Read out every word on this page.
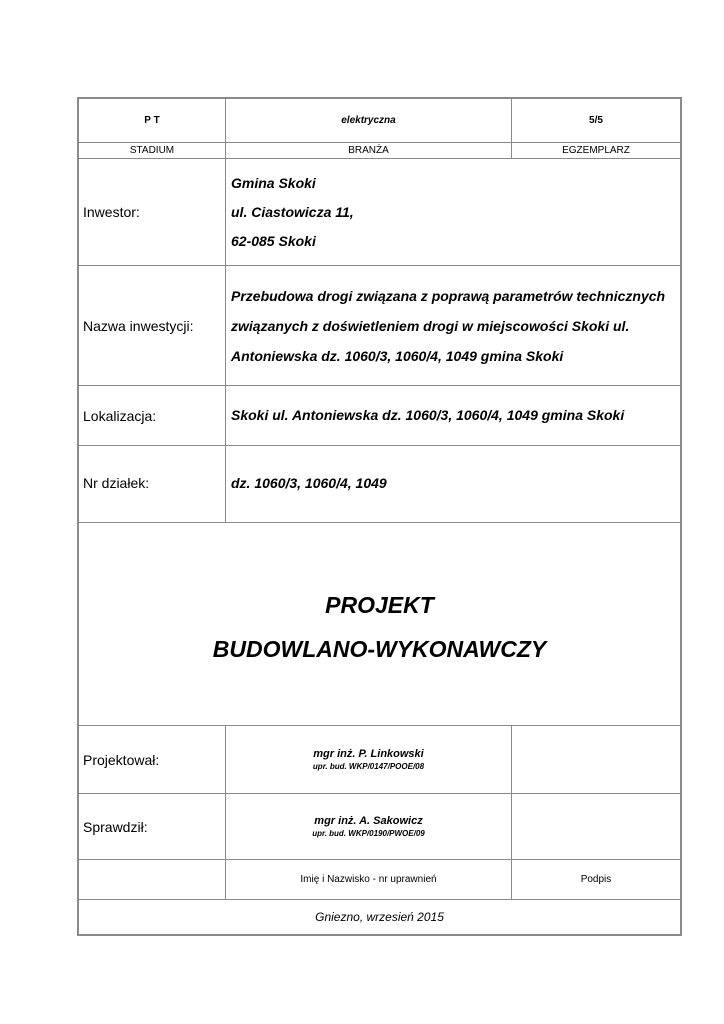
P T	elektryczna	5/5
STADIUM	BRANŻA	EGZEMPLARZ
Inwestor:
Gmina Skoki
ul. Ciastowicza 11,
62-085 Skoki
Nazwa inwestycji:
Przebudowa drogi związana z poprawą parametrów technicznych
związanych z doświetleniem drogi w miejscowości Skoki ul.
Antoniewska dz. 1060/3, 1060/4, 1049 gmina Skoki
Lokalizacja:	Skoki ul. Antoniewska dz. 1060/3, 1060/4, 1049 gmina Skoki
Nr działek:	dz. 1060/3, 1060/4, 1049
PROJEKT
BUDOWLANO-WYKONAWCZY
Projektował:	mgr inż. P. Linkowski
upr. bud. WKP/0147/POOE/08
Sprawdził:	mgr inż. A. Sakowicz
upr. bud. WKP/0190/PWOE/09
Imię i Nazwisko - nr uprawnień	Podpis
Gniezno, wrzesień 2015
